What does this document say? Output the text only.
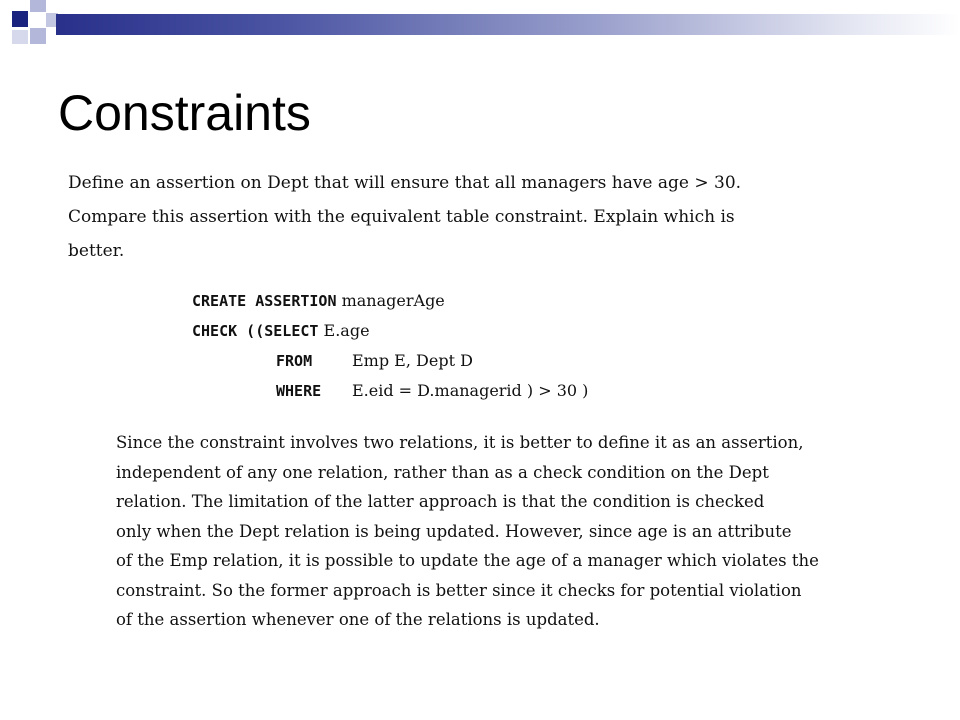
Constraints

Define an assertion on Dept that will ensure that all managers have age > 30.

Compare this assertion with the equivalent table constraint. Explain which is

better.

CREATE ASSERTION managerAge
CHECK ((SELECT E.age
FROM Emp E, Dept D
WHERE E.eid = D.managerid ) > 30 )

Since the constraint involves two relations, it is better to define it as an assertion,

independent of any one relation, rather than as a check condition on the Dept

relation. The limitation of the latter approach is that the condition is checked

only when the Dept relation is being updated. However, since age is an attribute

of the Emp relation, it is possible to update the age of a manager which violates the

constraint. So the former approach is better since it checks for potential violation

of the assertion whenever one of the relations is updated.
